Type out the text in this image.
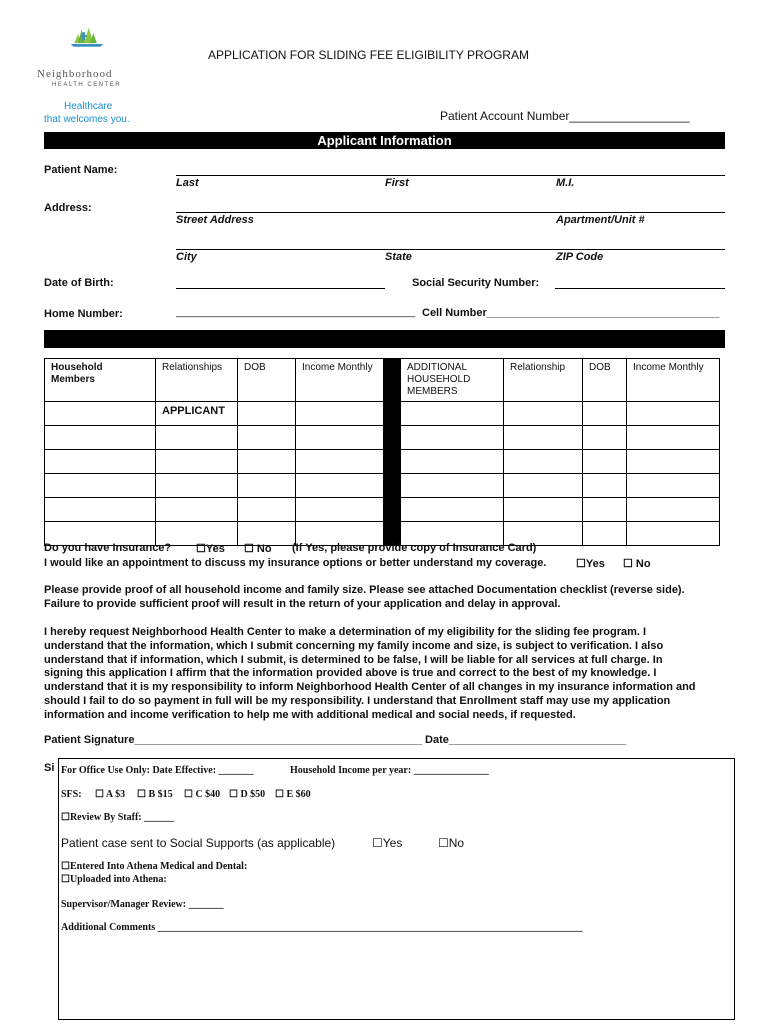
Neighborhood
HEALTH CENTER
Healthcare
that welcomes you.
APPLICATION FOR SLIDING FEE ELIGIBILITY PROGRAM
Patient Account Number__________________
Applicant Information
Patient Name:
Last	First	M.I.
Address:
Street Address	Apartment/Unit #
City	State	ZIP Code
Date of Birth:	Social Security Number:
Home Number:	___________________________________________ Cell Number______________________________________
Household Members	Relationships	DOB	Income Monthly		ADDITIONAL HOUSEHOLD MEMBERS	Relationship	DOB	Income Monthly
	APPLICANT							

Do you have Insurance? ☐Yes ☐ No (If Yes, please provide copy of Insurance Card)
I would like an appointment to discuss my insurance options or better understand my coverage.	☐Yes ☐ No
Please provide proof of all household income and family size. Please see attached Documentation checklist (reverse side).
Failure to provide sufficient proof will result in the return of your application and delay in approval.
I hereby request Neighborhood Health Center to make a determination of my eligibility for the sliding fee program. I
understand that the information, which I submit concerning my family income and size, is subject to verification. I also
understand that if information, which I submit, is determined to be false, I will be liable for all services at full charge. In
signing this application I affirm that the information provided above is true and correct to the best of my knowledge. I
understand that it is my responsibility to inform Neighborhood Health Center of all changes in my insurance information and
should I fail to do so payment in full will be my responsibility. I understand that Enrollment staff may use my application
information and income verification to help me with additional medical and social needs, if requested.
Patient Signature_______________________________________________ Date_____________________________
Si For Office Use Only: Date Effective: _______	Household Income per year: _______________
SFS: ☐ A $3 ☐ B $15 ☐ C $40 ☐ D $50 ☐ E $60
☐Review By Staff: ______
Patient case sent to Social Supports (as applicable)	☐Yes	☐No
☐Entered Into Athena Medical and Dental:
☐Uploaded into Athena:
Supervisor/Manager Review: _______
Additional Comments _____________________________________________________________________________________
